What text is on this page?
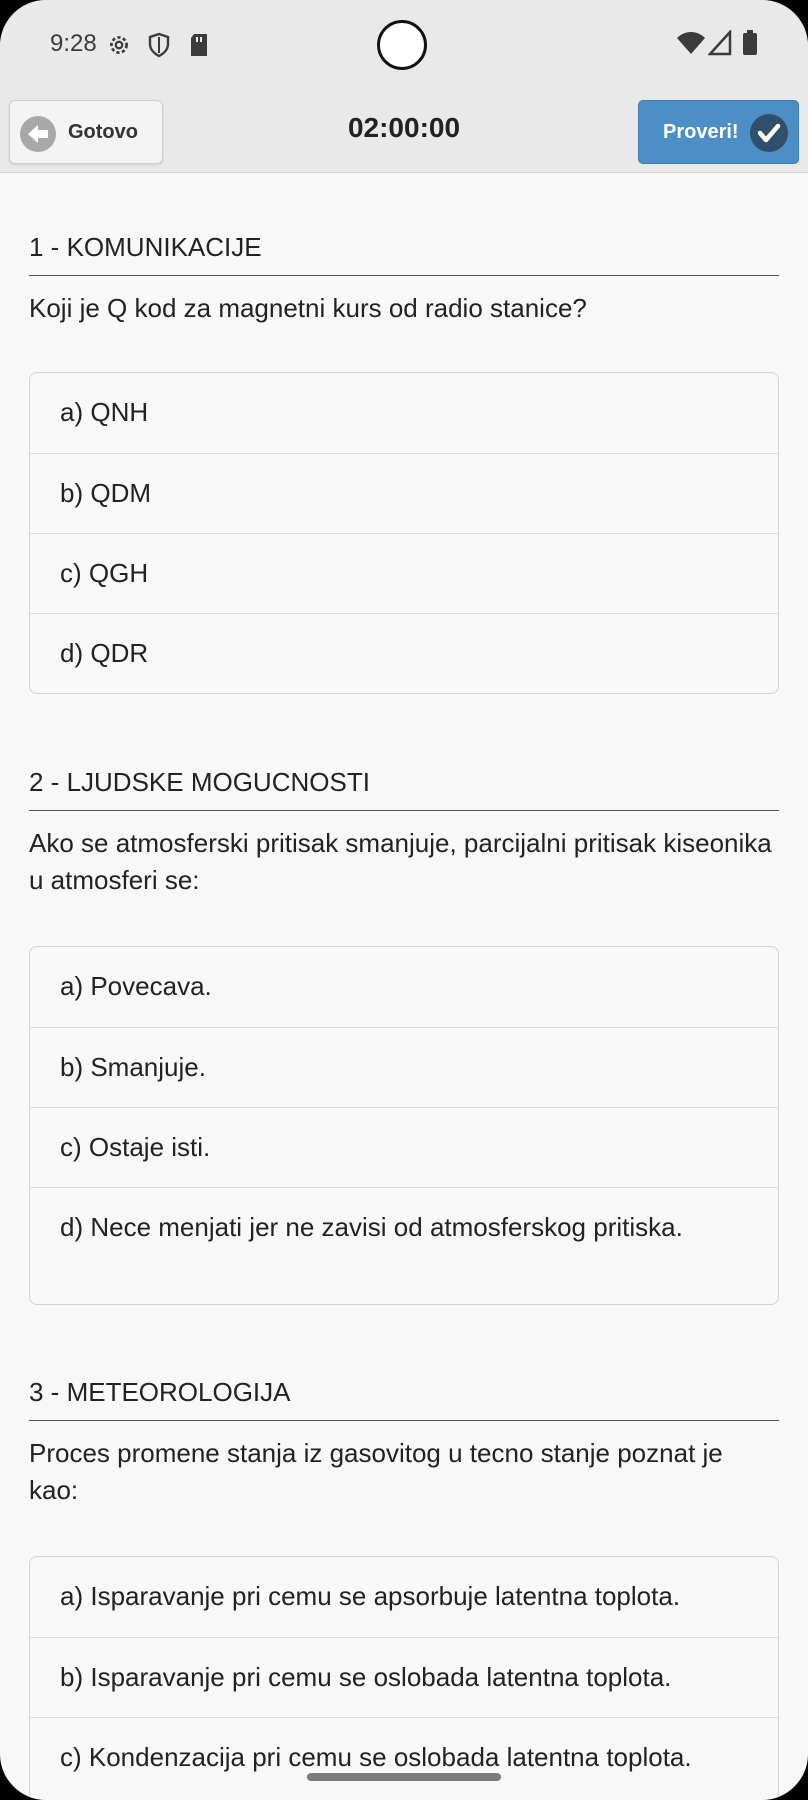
9:28
Gotovo	02:00:00	Proveri!
1 - KOMUNIKACIJE
Koji je Q kod za magnetni kurs od radio stanice?
a) QNH
b) QDM
c) QGH
d) QDR
2 - LJUDSKE MOGUCNOSTI
Ako se atmosferski pritisak smanjuje, parcijalni pritisak kiseonika u atmosferi se:
a) Povecava.
b) Smanjuje.
c) Ostaje isti.
d) Nece menjati jer ne zavisi od atmosferskog pritiska.
3 - METEOROLOGIJA
Proces promene stanja iz gasovitog u tecno stanje poznat je kao:
a) Isparavanje pri cemu se apsorbuje latentna toplota.
b) Isparavanje pri cemu se oslobada latentna toplota.
c) Kondenzacija pri cemu se oslobada latentna toplota.
